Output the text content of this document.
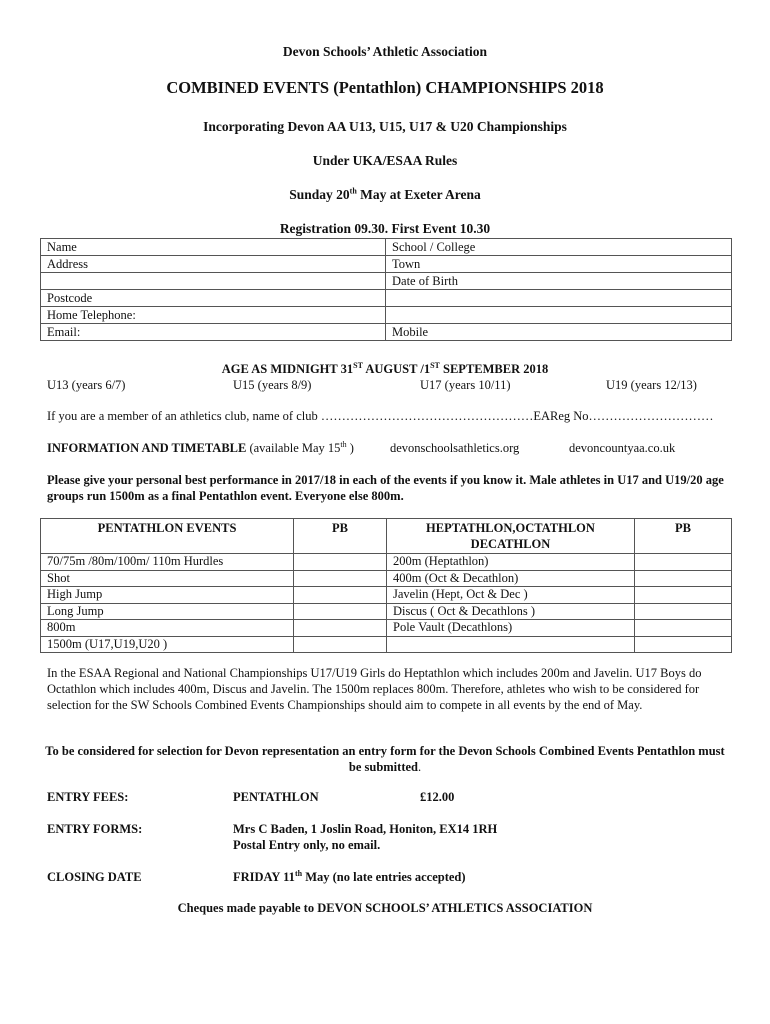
Devon Schools’ Athletic Association
COMBINED EVENTS (Pentathlon) CHAMPIONSHIPS 2018
Incorporating Devon AA U13, U15, U17 & U20 Championships
Under UKA/ESAA Rules
Sunday 20th May at Exeter Arena
Registration 09.30. First Event 10.30
Name	School / College
Address	Town
	Date of Birth
Postcode	
Home Telephone:	
Email:	Mobile
AGE AS MIDNIGHT 31ST AUGUST /1ST SEPTEMBER 2018
U13 (years 6/7)	U15 (years 8/9)	U17 (years 10/11)	U19 (years 12/13)
If you are a member of an athletics club, name of club ……………………………………………EAReg No…………………………
INFORMATION AND TIMETABLE (available May 15th )	devonschoolsathletics.org	devoncountyaa.co.uk
Please give your personal best performance in 2017/18 in each of the events if you know it. Male athletes in U17 and U19/20 age groups run 1500m as a final Pentathlon event. Everyone else 800m.
PENTATHLON EVENTS	PB	HEPTATHLON,OCTATHLON DECATHLON	PB
70/75m /80m/100m/ 110m Hurdles		200m (Heptathlon)	
Shot		400m (Oct & Decathlon)	
High Jump		Javelin (Hept, Oct & Dec )	
Long Jump		Discus ( Oct & Decathlons )	
800m		Pole Vault (Decathlons)	
1500m (U17,U19,U20 )			
In the ESAA Regional and National Championships U17/U19 Girls do Heptathlon which includes 200m and Javelin. U17 Boys do Octathlon which includes 400m, Discus and Javelin. The 1500m replaces 800m. Therefore, athletes who wish to be considered for selection for the SW Schools Combined Events Championships should aim to compete in all events by the end of May.
To be considered for selection for Devon representation an entry form for the Devon Schools Combined Events Pentathlon must be submitted.
ENTRY FEES:	PENTATHLON	£12.00
ENTRY FORMS:	Mrs C Baden, 1 Joslin Road, Honiton, EX14 1RH
Postal Entry only, no email.
CLOSING DATE	FRIDAY 11th May (no late entries accepted)
Cheques made payable to DEVON SCHOOLS’ ATHLETICS ASSOCIATION
